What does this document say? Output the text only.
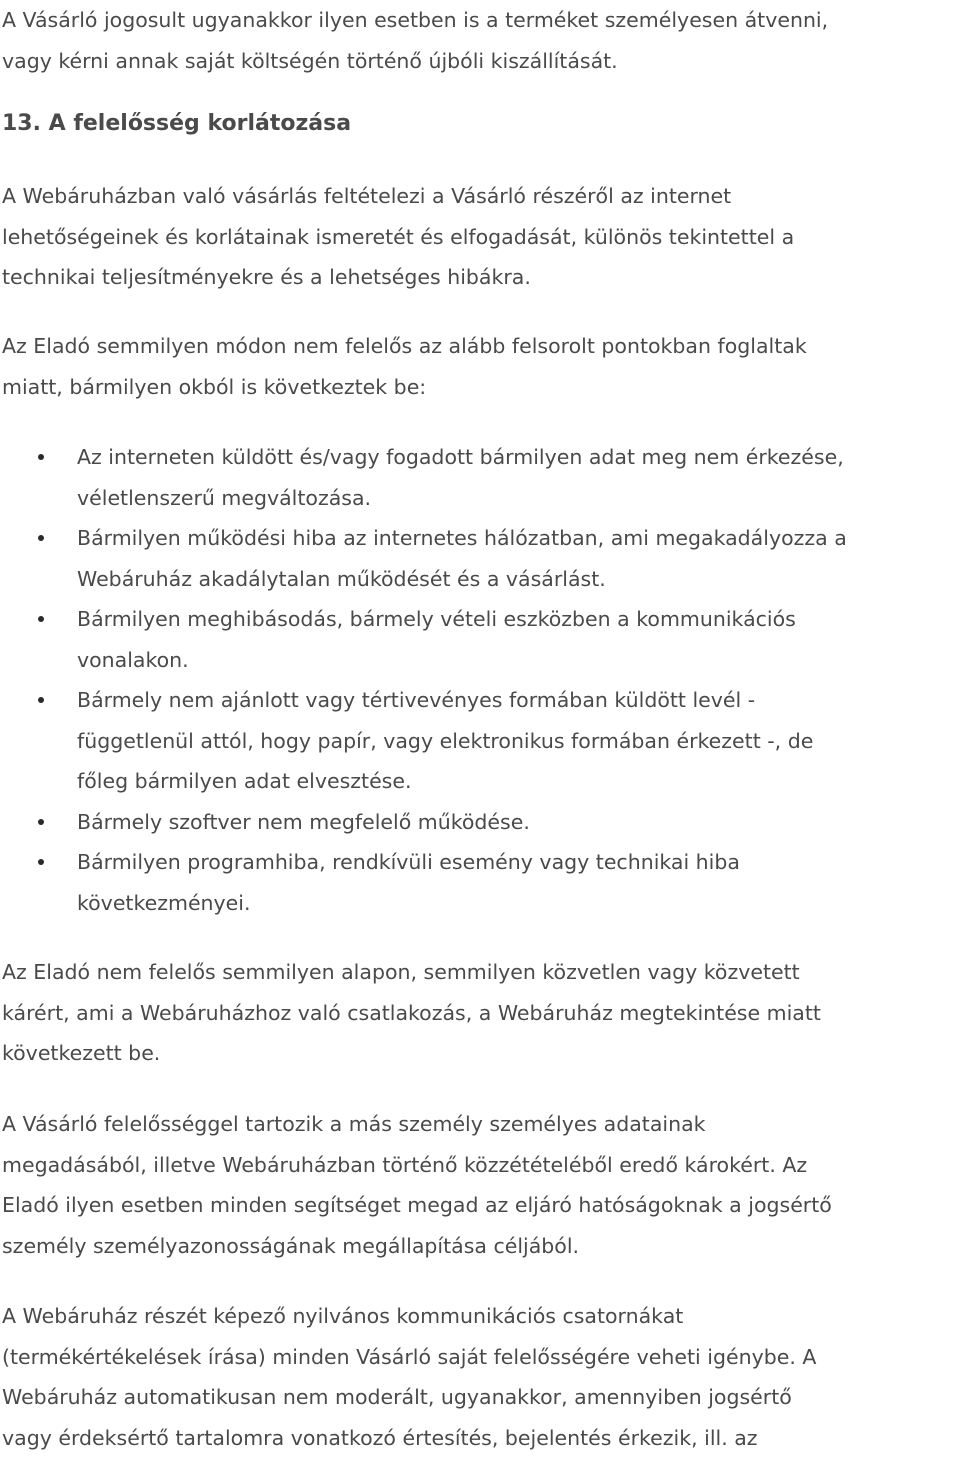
A Vásárló jogosult ugyanakkor ilyen esetben is a terméket személyesen átvenni,
vagy kérni annak saját költségén történő újbóli kiszállítását.

13. A felelősség korlátozása

A Webáruházban való vásárlás feltételezi a Vásárló részéről az internet
lehetőségeinek és korlátainak ismeretét és elfogadását, különös tekintettel a
technikai teljesítményekre és a lehetséges hibákra.

Az Eladó semmilyen módon nem felelős az alább felsorolt pontokban foglaltak
miatt, bármilyen okból is következtek be:

Az interneten küldött és/vagy fogadott bármilyen adat meg nem érkezése,
véletlenszerű megváltozása.
Bármilyen működési hiba az internetes hálózatban, ami megakadályozza a
Webáruház akadálytalan működését és a vásárlást.
Bármilyen meghibásodás, bármely vételi eszközben a kommunikációs
vonalakon.
Bármely nem ajánlott vagy tértivevényes formában küldött levél -
függetlenül attól, hogy papír, vagy elektronikus formában érkezett -, de
főleg bármilyen adat elvesztése.
Bármely szoftver nem megfelelő működése.
Bármilyen programhiba, rendkívüli esemény vagy technikai hiba
következményei.

Az Eladó nem felelős semmilyen alapon, semmilyen közvetlen vagy közvetett
kárért, ami a Webáruházhoz való csatlakozás, a Webáruház megtekintése miatt
következett be.

A Vásárló felelősséggel tartozik a más személy személyes adatainak
megadásából, illetve Webáruházban történő közzétételéből eredő károkért. Az
Eladó ilyen esetben minden segítséget megad az eljáró hatóságoknak a jogsértő
személy személyazonosságának megállapítása céljából.

A Webáruház részét képező nyilvános kommunikációs csatornákat
(termékértékelések írása) minden Vásárló saját felelősségére veheti igénybe. A
Webáruház automatikusan nem moderált, ugyanakkor, amennyiben jogsértő
vagy érdeksértő tartalomra vonatkozó értesítés, bejelentés érkezik, ill. az
